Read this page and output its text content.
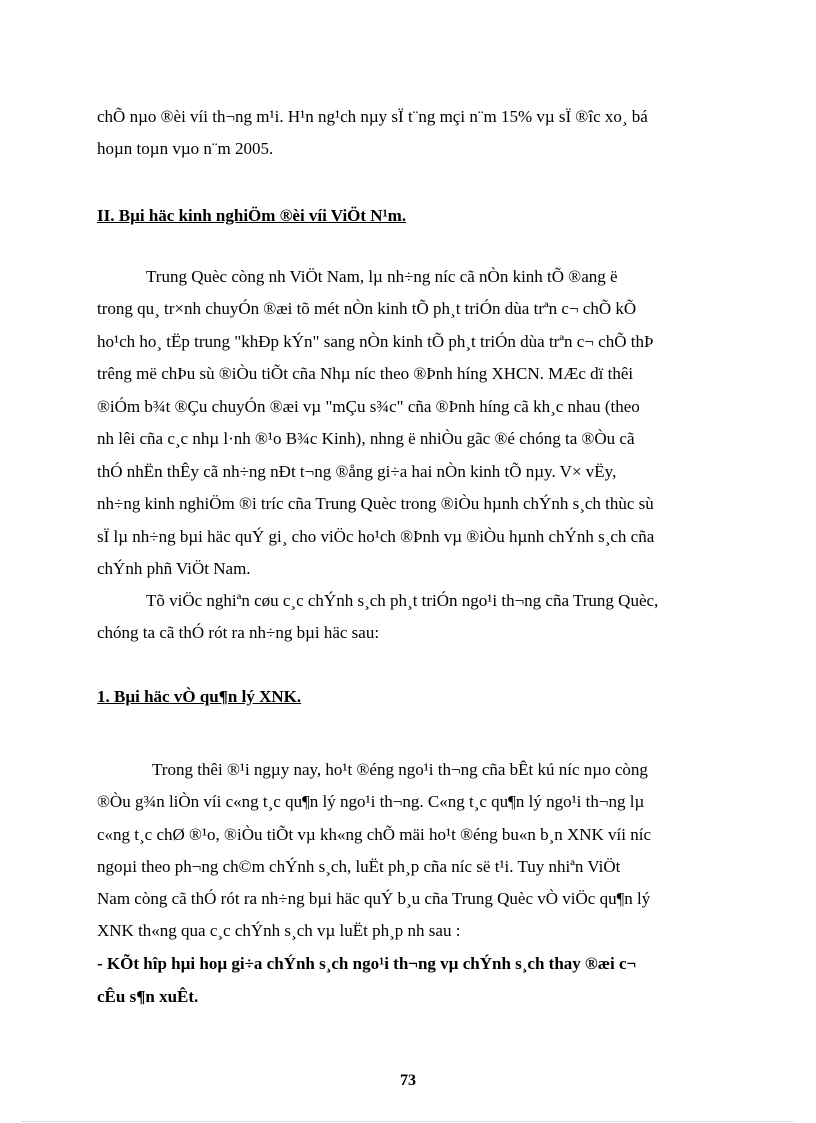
chÕ nµo ®èi víi th¬ng m¹i. H¹n ng¹ch nµy sÏ t¨ng mçi n¨m 15% vµ sÏ ®îc xo¸ bá
hoµn toµn vµo n¨m 2005.
II. Bµi häc kinh nghiÖm ®èi víi ViÖt N¹m.
Trung Quèc còng nh ViÖt Nam, lµ nh÷ng níc cã nÒn kinh tÕ ®ang ë
trong qu¸ tr×nh chuyÓn ®æi tõ mét nÒn kinh tÕ ph¸t triÓn dùa trªn c¬ chÕ kÕ
ho¹ch ho¸ tËp trung "khÐp kÝn" sang nÒn kinh tÕ ph¸t triÓn dùa trªn c¬ chÕ thÞ
trêng më chÞu sù ®iÒu tiÕt cña Nhµ níc theo ®Þnh híng XHCN. MÆc dï thêi
®iÓm b¾t ®Çu chuyÓn ®æi vµ "mÇu s¾c" cña ®Þnh híng cã kh¸c nhau (theo
nh lêi cña c¸c nhµ l·nh ®¹o B¾c Kinh), nhng ë nhiÒu gãc ®é chóng ta ®Òu cã
thÓ nhËn thÊy cã nh÷ng nÐt t¬ng ®ång gi÷a hai nÒn kinh tÕ nµy. V× vËy,
nh÷ng kinh nghiÖm ®i tríc cña Trung Quèc trong ®iÒu hµnh chÝnh s¸ch thùc sù
sÏ lµ nh÷ng bµi häc quÝ gi¸ cho viÖc ho¹ch ®Þnh vµ ®iÒu hµnh chÝnh s¸ch cña
chÝnh phñ ViÖt Nam.
Tõ viÖc nghiªn cøu c¸c chÝnh s¸ch ph¸t triÓn ngo¹i th¬ng cña Trung Quèc,
chóng ta cã thÓ rót ra nh÷ng bµi häc sau:
1. Bµi häc vÒ qu¶n lý XNK.
Trong thêi ®¹i ngµy nay, ho¹t ®éng ngo¹i th¬ng cña bÊt kú níc nµo còng
®Òu g¾n liÒn víi c«ng t¸c qu¶n lý ngo¹i th¬ng. C«ng t¸c qu¶n lý ngo¹i th¬ng lµ
c«ng t¸c chØ ®¹o, ®iÒu tiÕt vµ kh«ng chÕ mäi ho¹t ®éng bu«n b¸n XNK víi níc
ngoµi theo ph¬ng ch©m chÝnh s¸ch, luËt ph¸p cña níc së t¹i. Tuy nhiªn ViÖt
Nam còng cã thÓ rót ra nh÷ng bµi häc quÝ b¸u cña Trung Quèc vÒ viÖc qu¶n lý
XNK th«ng qua c¸c chÝnh s¸ch vµ luËt ph¸p nh sau :
- KÕt hîp hµi hoµ gi÷a chÝnh s¸ch ngo¹i th¬ng vµ chÝnh s¸ch thay ®æi c¬
cÊu s¶n xuÊt.
73
